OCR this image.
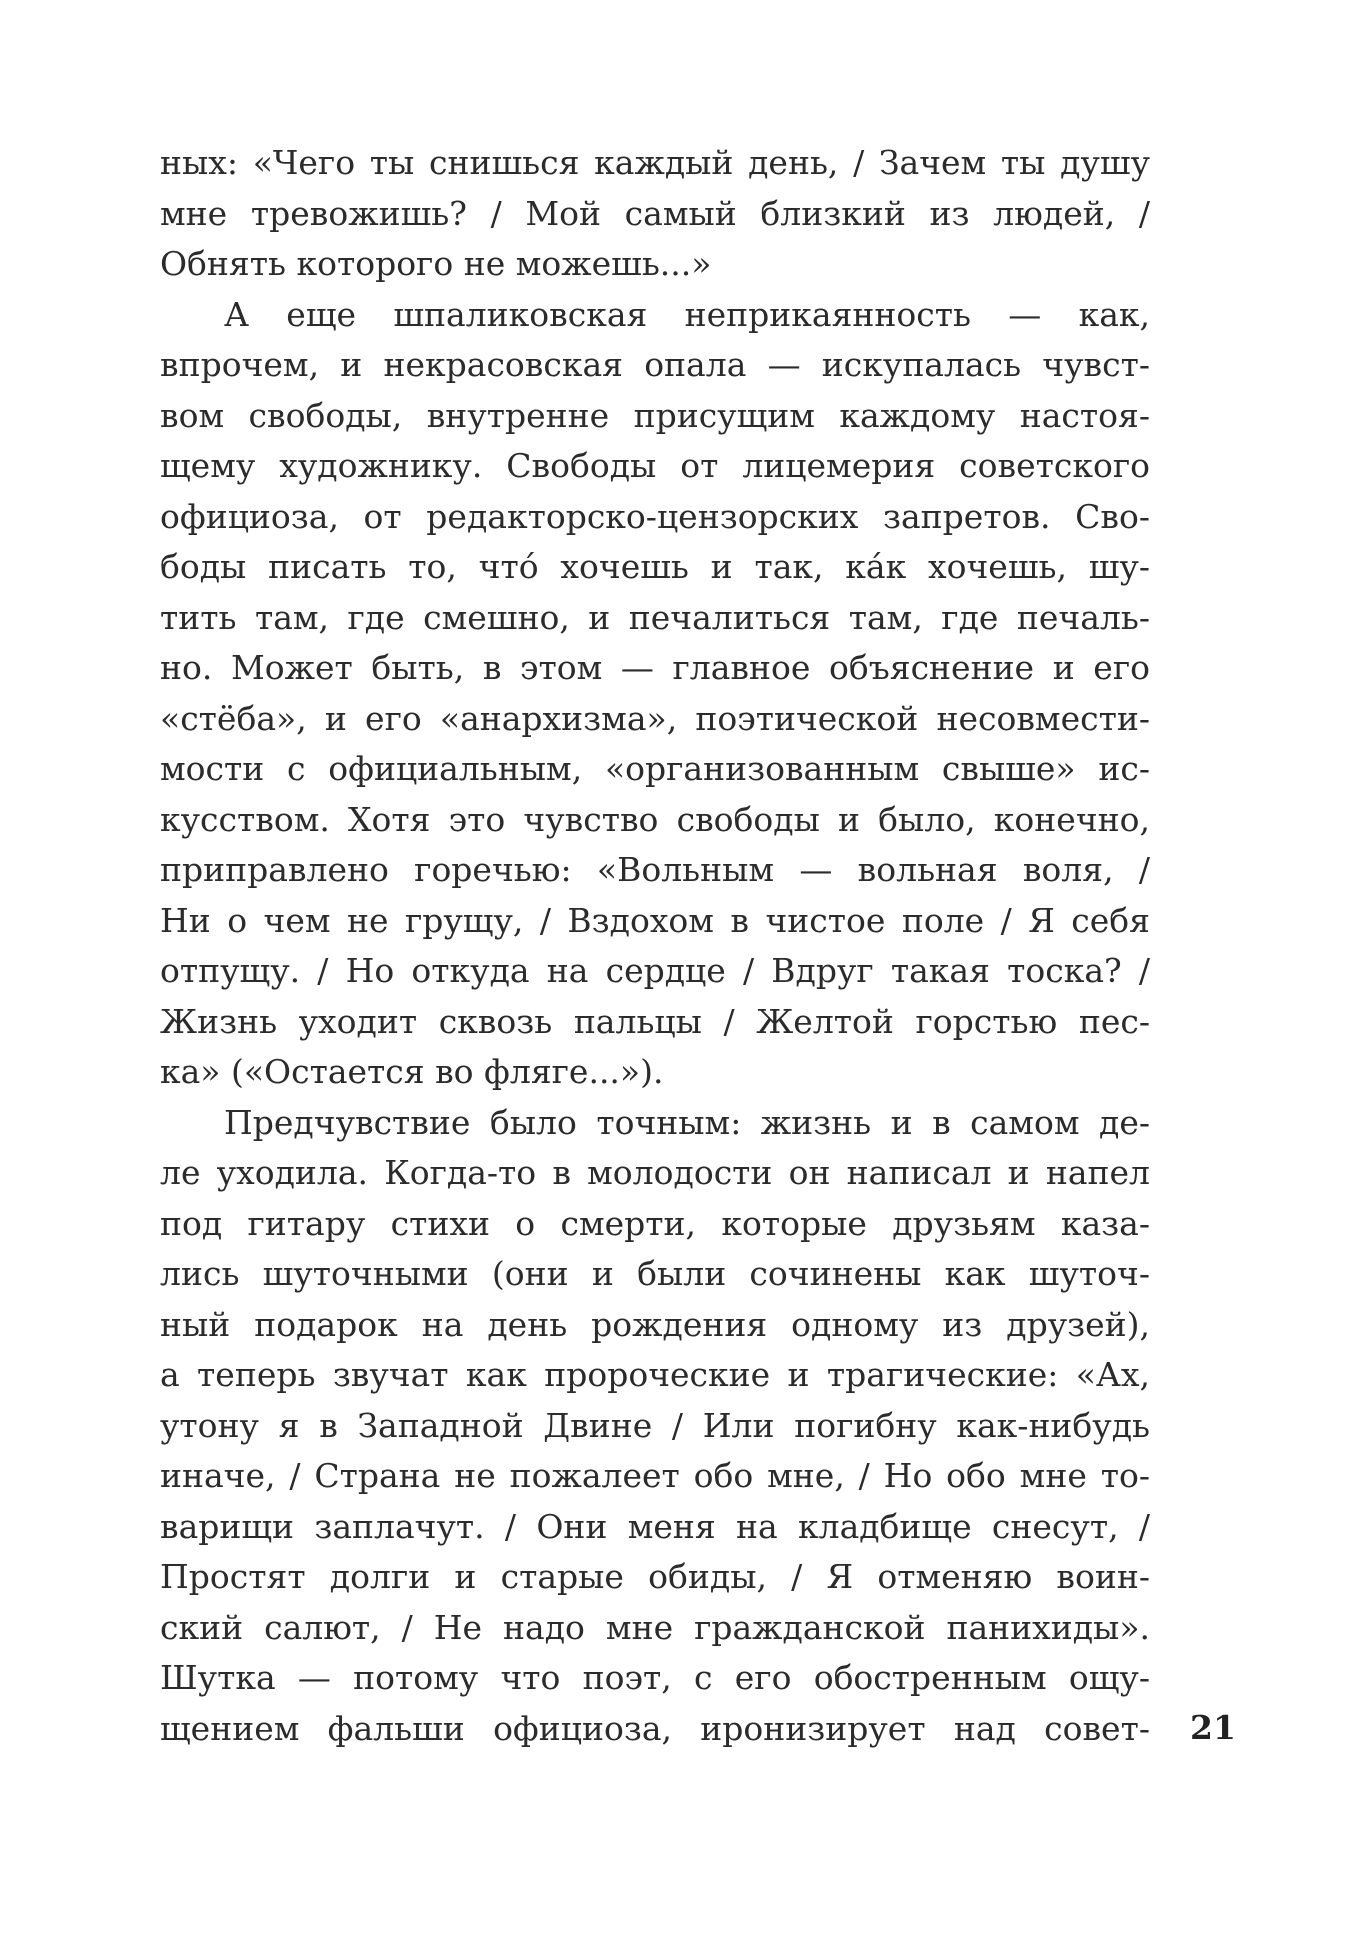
ных: «Чего ты снишься каждый день, / Зачем ты душу
мне тревожишь? / Мой самый близкий из людей, /
Обнять которого не можешь...»
А еще шпаликовская неприкаянность — как,
впрочем, и некрасовская опала — искупалась чувст-
вом свободы, внутренне присущим каждому настоя-
щему художнику. Свободы от лицемерия советского
официоза, от редакторско-цензорских запретов. Сво-
боды писать то, что́ хочешь и так, ка́к хочешь, шу-
тить там, где смешно, и печалиться там, где печаль-
но. Может быть, в этом — главное объяснение и его
«стёба», и его «анархизма», поэтической несовмести-
мости с официальным, «организованным свыше» ис-
кусством. Хотя это чувство свободы и было, конечно,
приправлено горечью: «Вольным — вольная воля, /
Ни о чем не грущу, / Вздохом в чистое поле / Я себя
отпущу. / Но откуда на сердце / Вдруг такая тоска? /
Жизнь уходит сквозь пальцы / Желтой горстью пес-
ка» («Остается во фляге...»).
Предчувствие было точным: жизнь и в самом де-
ле уходила. Когда-то в молодости он написал и напел
под гитару стихи о смерти, которые друзьям каза-
лись шуточными (они и были сочинены как шуточ-
ный подарок на день рождения одному из друзей),
а теперь звучат как пророческие и трагические: «Ах,
утону я в Западной Двине / Или погибну как-нибудь
иначе, / Страна не пожалеет обо мне, / Но обо мне то-
варищи заплачут. / Они меня на кладбище снесут, /
Простят долги и старые обиды, / Я отменяю воин-
ский салют, / Не надо мне гражданской панихиды».
Шутка — потому что поэт, с его обостренным ощу-
щением фальши официоза, иронизирует над совет- 21
